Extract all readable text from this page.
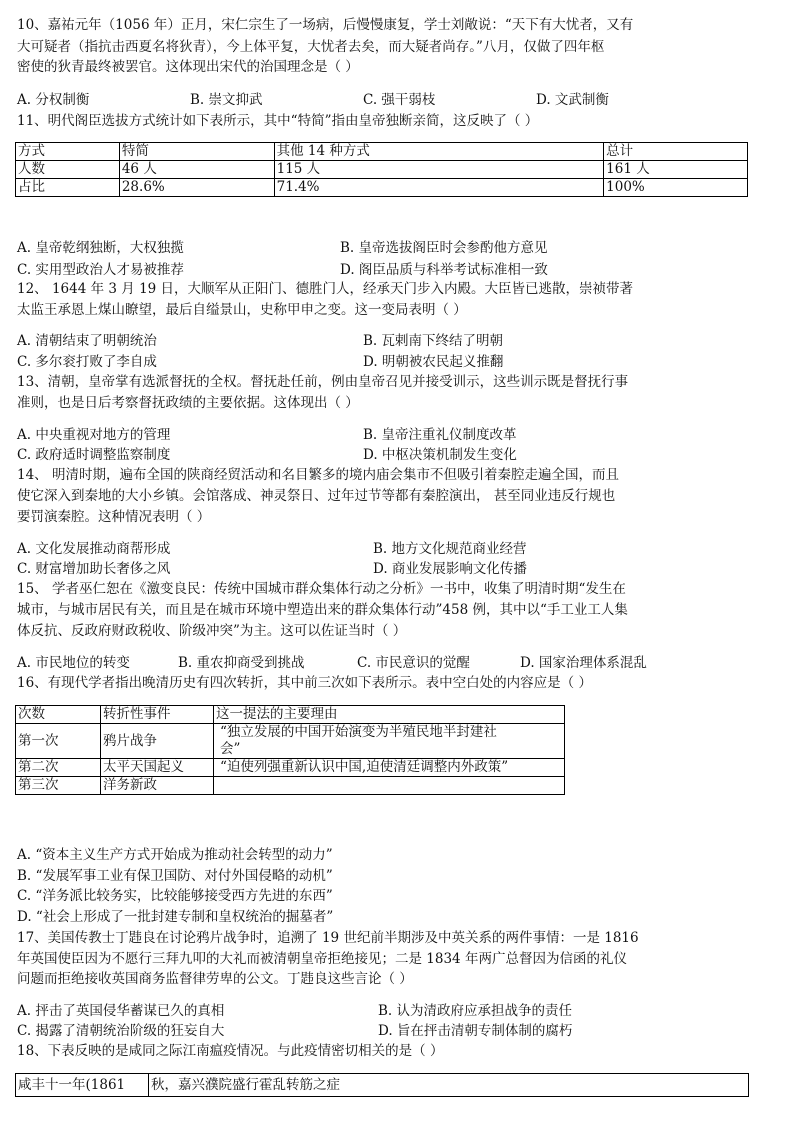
10、嘉祐元年（1056 年）正月，宋仁宗生了一场病，后慢慢康复，学士刘敞说：“天下有大忧者，又有
大可疑者（指抗击西夏名将狄青），今上体平复，大忧者去矣，而大疑者尚存。”八月，仅做了四年枢
密使的狄青最终被罢官。这体现出宋代的治国理念是（ ）
A. 分权制衡	B. 崇文抑武	C. 强干弱枝	D. 文武制衡
11、明代阁臣选拔方式统计如下表所示，其中“特简”指由皇帝独断亲简，这反映了（ ）
方式	特简	其他 14 种方式	总计
人数	46 人	115 人	161 人
占比	28.6%	71.4%	100%
A. 皇帝乾纲独断，大权独揽	B. 皇帝选拔阁臣时会参酌他方意见
C. 实用型政治人才易被推荐	D. 阁臣品质与科举考试标准相一致
12、 1644 年 3 月 19 日，大顺军从正阳门、德胜门人，经承天门步入内殿。大臣皆已逃散，崇祯带著
太监王承恩上煤山瞭望，最后自缢景山，史称甲申之变。这一变局表明（ ）
A. 清朝结束了明朝统治	B. 瓦剌南下终结了明朝
C. 多尔衮打败了李自成	D. 明朝被农民起义推翻
13、清朝，皇帝掌有选派督抚的全权。督抚赴任前，例由皇帝召见并接受训示，这些训示既是督抚行事
准则，也是日后考察督抚政绩的主要依据。这体现出（ ）
A. 中央重视对地方的管理	B. 皇帝注重礼仪制度改革
C. 政府适时调整监察制度	D. 中枢决策机制发生变化
14、 明清时期，遍布全国的陕商经贸活动和名目繁多的境内庙会集市不但吸引着秦腔走遍全国，而且
使它深入到秦地的大小乡镇。会馆落成、神灵祭日、过年过节等都有秦腔演出， 甚至同业违反行规也
要罚演秦腔。这种情况表明（ ）
A. 文化发展推动商帮形成	B. 地方文化规范商业经营
C. 财富增加助长奢侈之风	D. 商业发展影响文化传播
15、 学者巫仁恕在《激变良民：传统中国城市群众集体行动之分析》一书中，收集了明清时期“发生在
城市，与城市居民有关，而且是在城市环境中塑造出来的群众集体行动”458 例，其中以“手工业工人集
体反抗、反政府财政税收、阶级冲突”为主。这可以佐证当时（ ）
A. 市民地位的转变	B. 重农抑商受到挑战	C. 市民意识的觉醒	D. 国家治理体系混乱
16、有现代学者指出晚清历史有四次转折，其中前三次如下表所示。表中空白处的内容应是（ ）
次数	转折性事件	这一提法的主要理由
第一次	鸦片战争	“独立发展的中国开始演变为半殖民地半封建社
会”

第二次	太平天国起义	“迫使列强重新认识中国,迫使清廷调整内外政策”
第三次	洋务新政	
A. “资本主义生产方式开始成为推动社会转型的动力”
B. “发展军事工业有保卫国防、对付外国侵略的动机”
C. “洋务派比较务实，比较能够接受西方先进的东西”
D. “社会上形成了一批封建专制和皇权统治的掘墓者”
17、美国传教士丁韪良在讨论鸦片战争时，追溯了 19 世纪前半期涉及中英关系的两件事情：一是 1816
年英国使臣因为不愿行三拜九叩的大礼而被清朝皇帝拒绝接见；二是 1834 年两广总督因为信函的礼仪
问题而拒绝接收英国商务监督律劳卑的公文。丁韪良这些言论（ ）
A. 抨击了英国侵华蓄谋已久的真相	B. 认为清政府应承担战争的责任
C. 揭露了清朝统治阶级的狂妄自大	D. 旨在抨击清朝专制体制的腐朽
18、下表反映的是咸同之际江南瘟疫情况。与此疫情密切相关的是（ ）
咸丰十一年(1861	秋，嘉兴濮院盛行霍乱转筋之症
